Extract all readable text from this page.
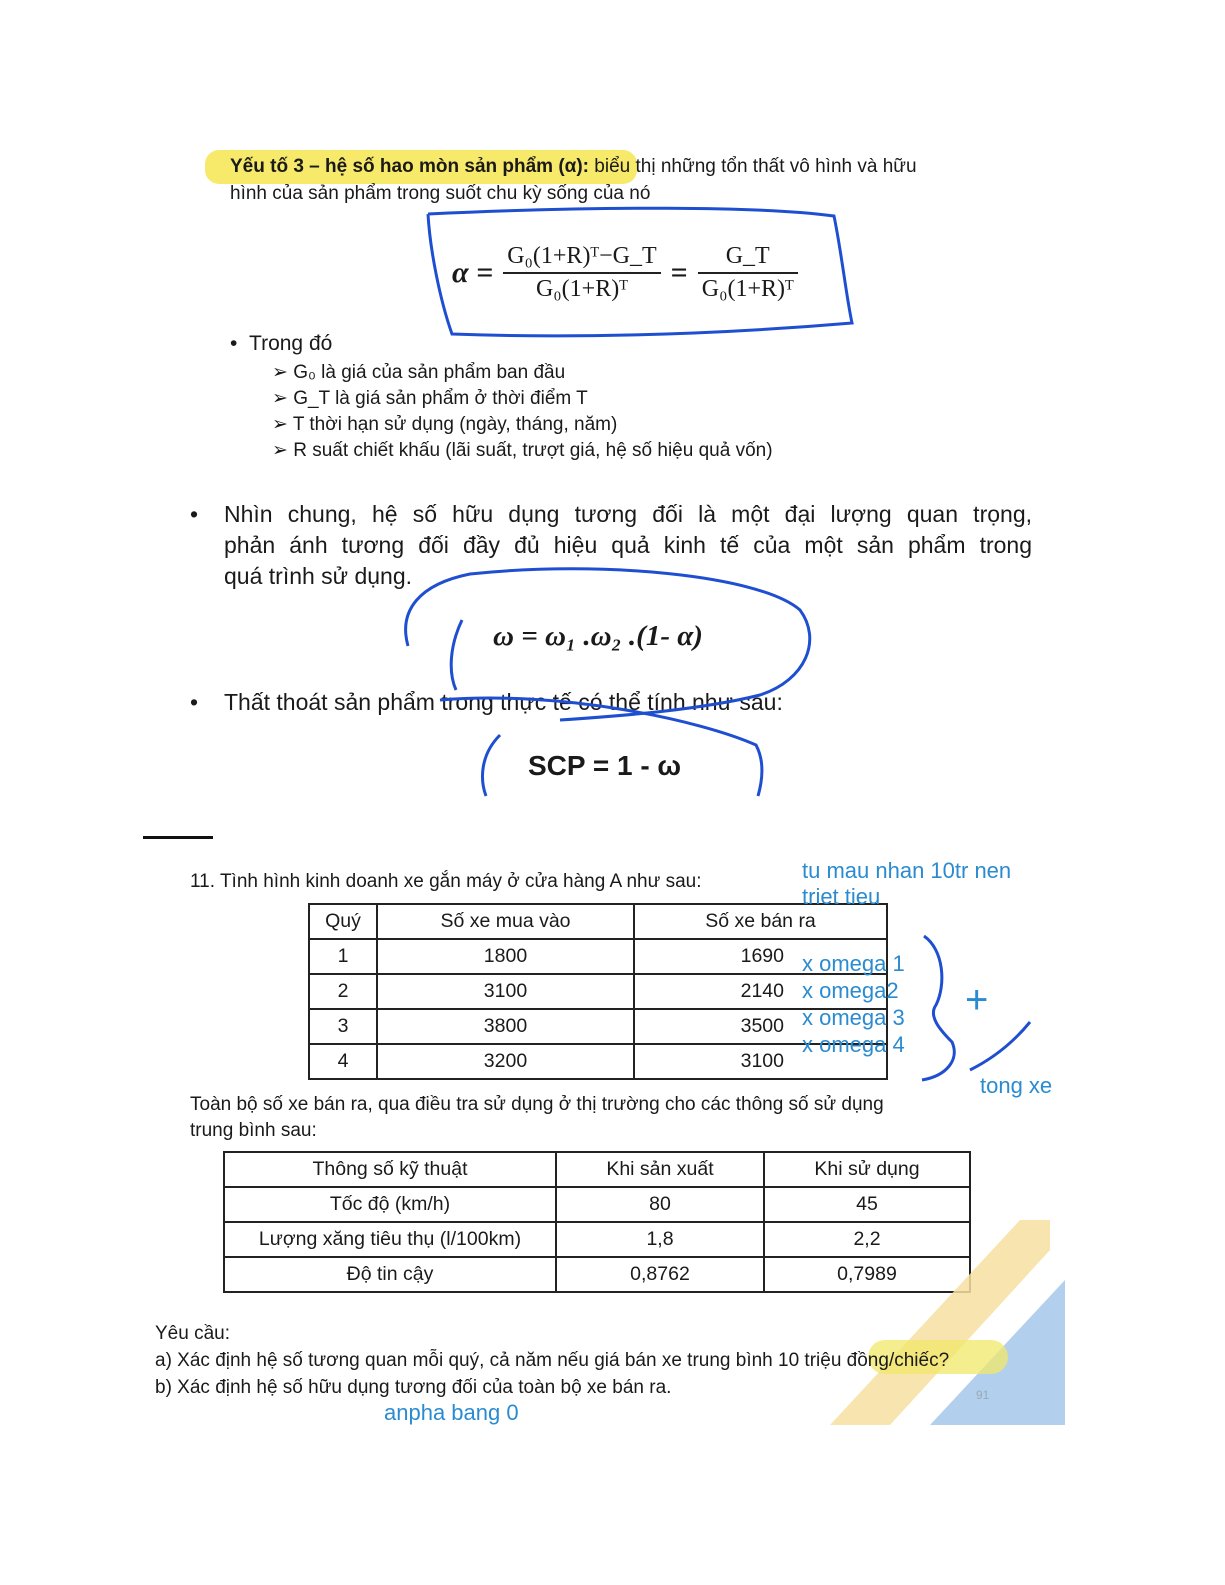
Yếu tố 3 – hệ số hao mòn sản phẩm (α): biểu thị những tổn thất vô hình và hữu
hình của sản phẩm trong suốt chu kỳ sống của nó
$\alpha = \frac{\text{G₀(1+R)ᵀ−G\_T}}{\text{G₀(1+R)ᵀ}} = \frac{G\_T}{\text{G₀(1+R)ᵀ}}$
•  Trong đó
➢ G₀ là giá của sản phẩm ban đầu
➢ G_T là giá sản phẩm ở thời điểm T
➢ T thời hạn sử dụng (ngày, tháng, năm)
➢ R suất chiết khấu (lãi suất, trượt giá, hệ số hiệu quả vốn)
• Nhìn chung, hệ số hữu dụng tương đối là một đại lượng quan trọng,
phản ánh tương đối đầy đủ hiệu quả kinh tế của một sản phẩm trong
quá trình sử dụng.
ω = ω₁ .ω₂ .(1- α)
• Thất thoát sản phẩm trong thực tế có thể tính như sau:
SCP = 1 - ω
11. Tình hình kinh doanh xe gắn máy ở cửa hàng A như sau:
Quý	Số xe mua vào	Số xe bán ra
1	1800	1690
2	3100	2140
3	3800	3500
4	3200	3100
Toàn bộ số xe bán ra, qua điều tra sử dụng ở thị trường cho các thông số sử dụng
trung bình sau:
Thông số kỹ thuật	Khi sản xuất	Khi sử dụng
Tốc độ (km/h)	80	45
Lượng xăng tiêu thụ (l/100km)	1,8	2,2
Độ tin cậy	0,8762	0,7989
91
Yêu cầu:
a) Xác định hệ số tương quan mỗi quý, cả năm nếu giá bán xe trung bình 10 triệu đồng/chiếc?
b) Xác định hệ số hữu dụng tương đối của toàn bộ xe bán ra.
tu mau nhan 10tr nen
triet tieu
x omega 1
x omega2
x omega 3
x omega 4
+
tong xe
anpha bang 0
